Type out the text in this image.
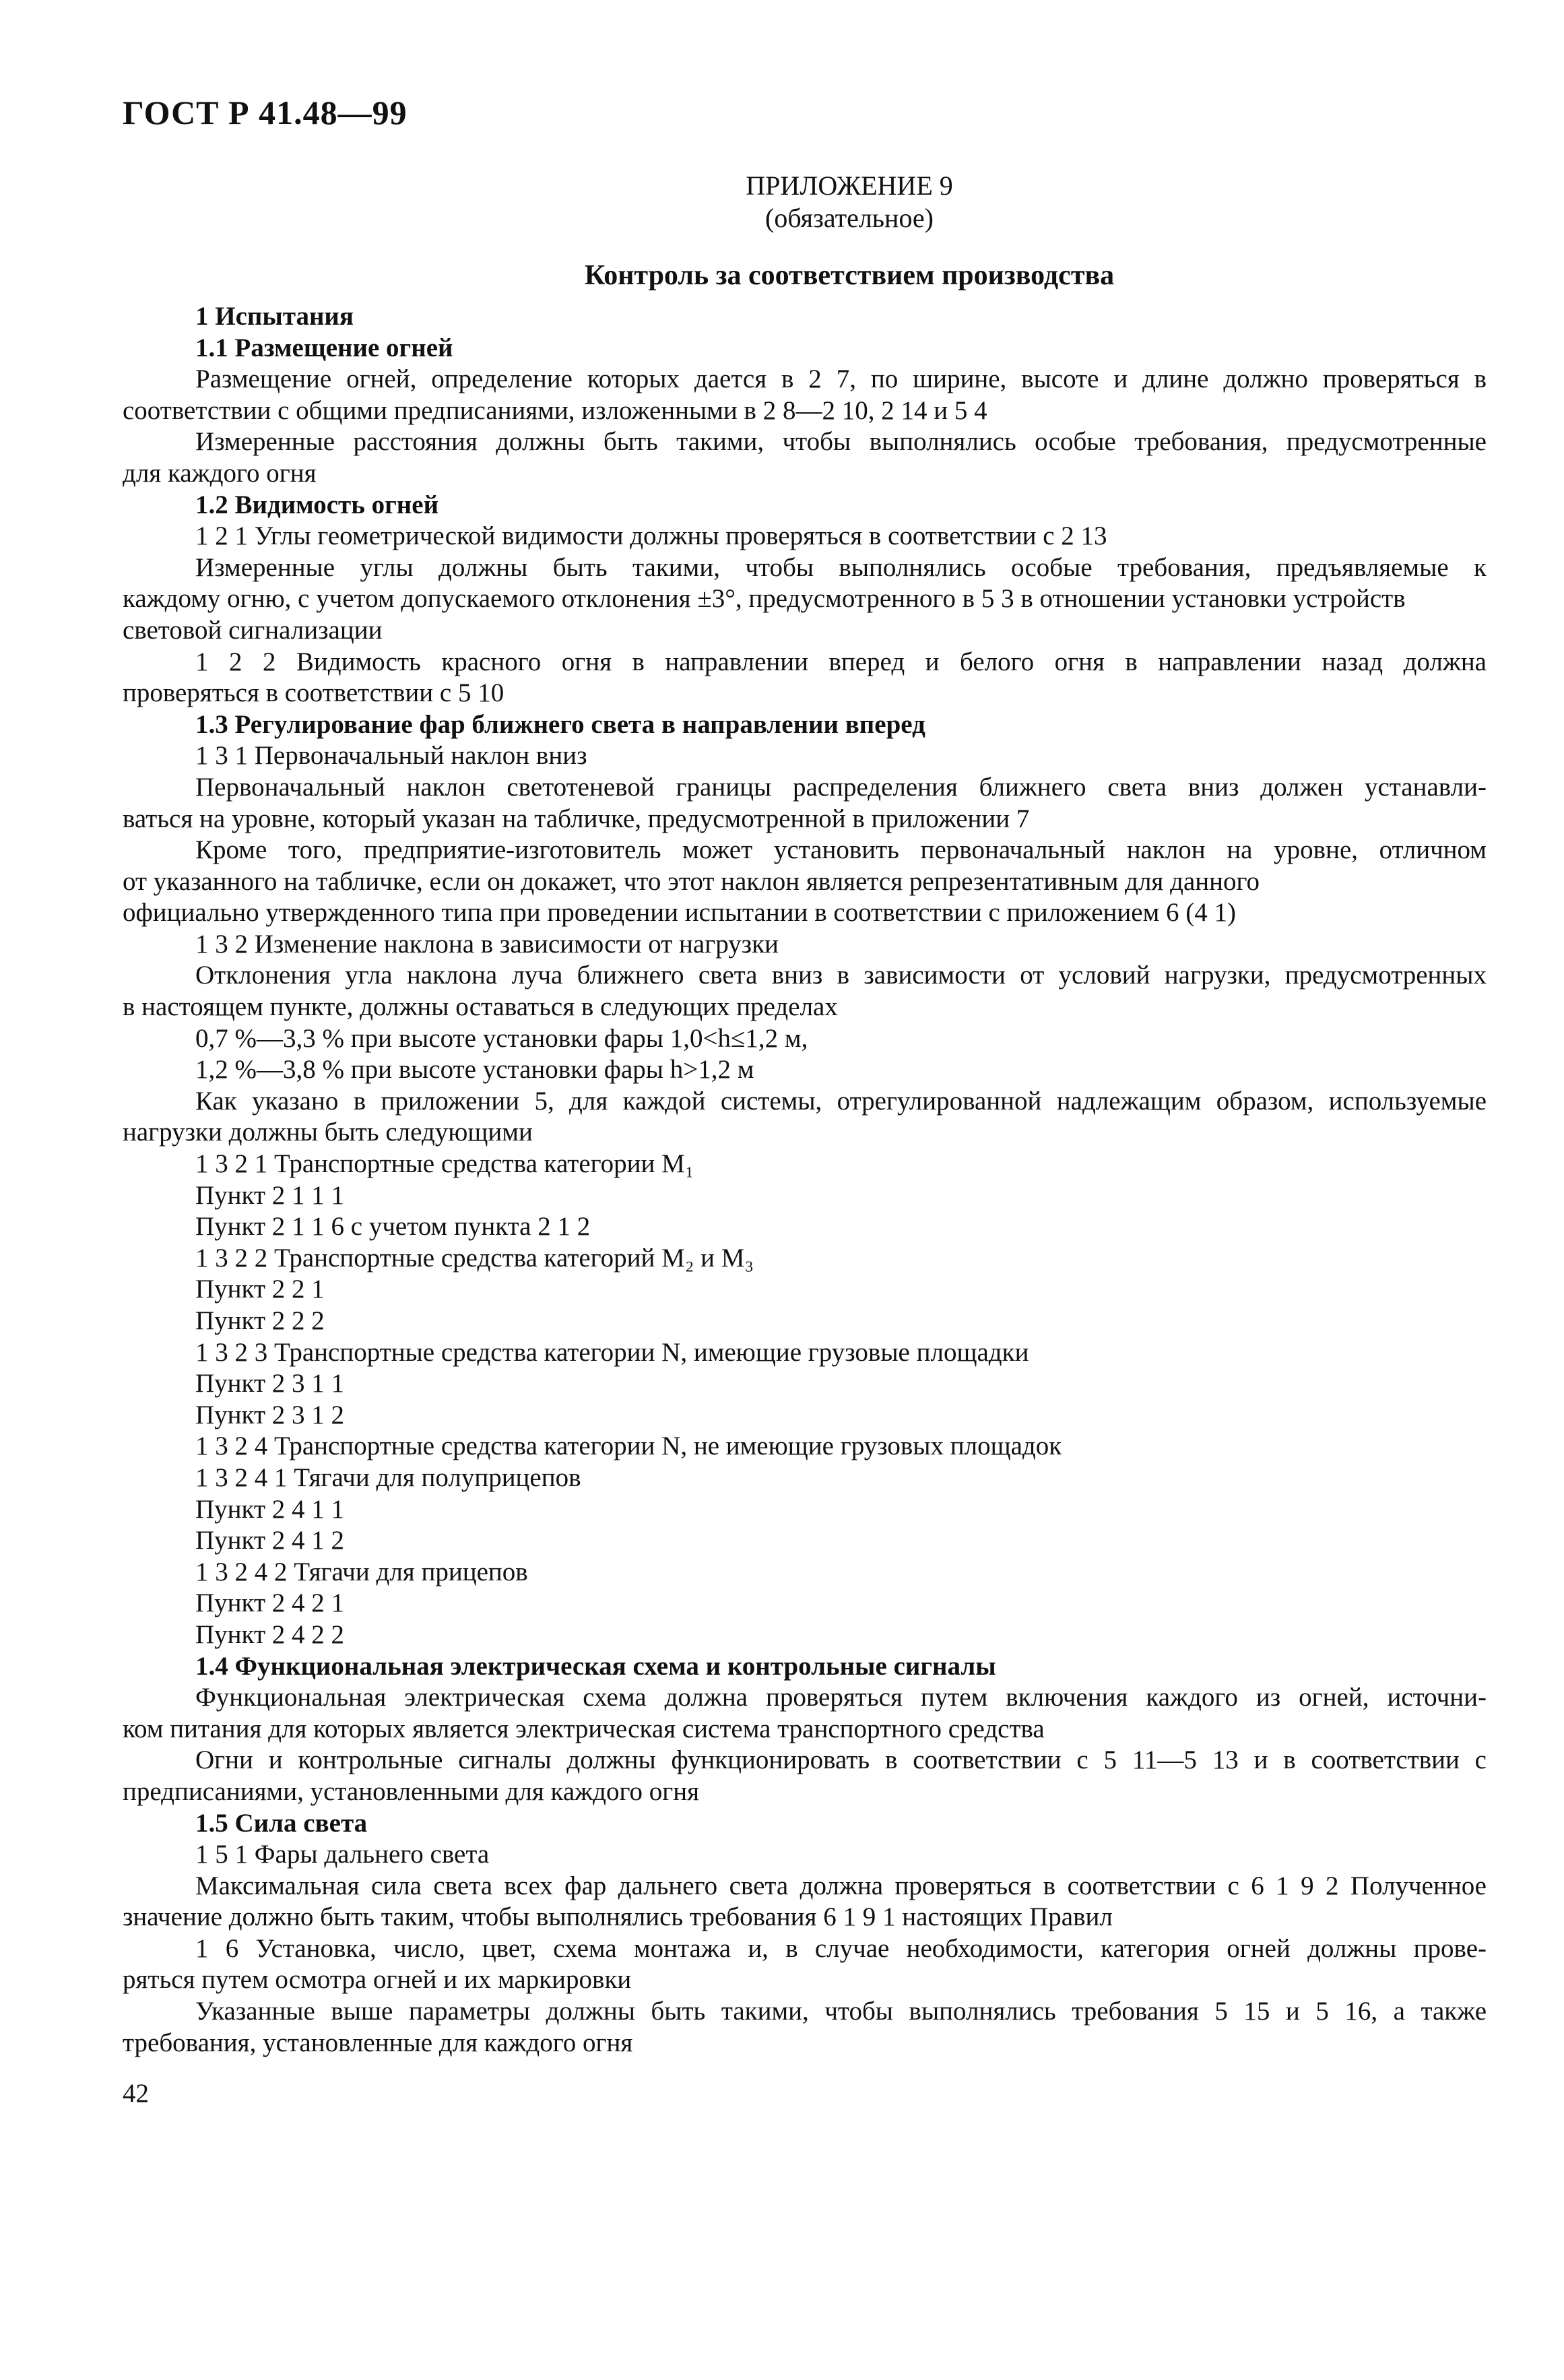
ГОСТ Р 41.48—99
ПРИЛОЖЕНИЕ 9
(обязательное)
Контроль за соответствием производства
1 Испытания
1.1 Размещение огней
Размещение огней, определение которых дается в 2 7, по ширине, высоте и длине должно проверяться в
соответствии с общими предписаниями, изложенными в 2 8—2 10, 2 14 и 5 4
Измеренные расстояния должны быть такими, чтобы выполнялись особые требования, предусмотренные
для каждого огня
1.2 Видимость огней
1 2 1 Углы геометрической видимости должны проверяться в соответствии с 2 13
Измеренные углы должны быть такими, чтобы выполнялись особые требования, предъявляемые к
каждому огню, с учетом допускаемого отклонения ±3°, предусмотренного в 5 3 в отношении установки устройств
световой сигнализации
1 2 2 Видимость красного огня в направлении вперед и белого огня в направлении назад должна
проверяться в соответствии с 5 10
1.3 Регулирование фар ближнего света в направлении вперед
1 3 1 Первоначальный наклон вниз
Первоначальный наклон светотеневой границы распределения ближнего света вниз должен устанавли-
ваться на уровне, который указан на табличке, предусмотренной в приложении 7
Кроме того, предприятие-изготовитель может установить первоначальный наклон на уровне, отличном
от указанного на табличке, если он докажет, что этот наклон является репрезентативным для данного
официально утвержденного типа при проведении испытании в соответствии с приложением 6 (4 1)
1 3 2 Изменение наклона в зависимости от нагрузки
Отклонения угла наклона луча ближнего света вниз в зависимости от условий нагрузки, предусмотренных
в настоящем пункте, должны оставаться в следующих пределах
0,7 %—3,3 % при высоте установки фары 1,0<h≤1,2 м,
1,2 %—3,8 % при высоте установки фары h>1,2 м
Как указано в приложении 5, для каждой системы, отрегулированной надлежащим образом, используемые
нагрузки должны быть следующими
1 3 2 1 Транспортные средства категории M₁
Пункт 2 1 1 1
Пункт 2 1 1 6 с учетом пункта 2 1 2
1 3 2 2 Транспортные средства категорий M₂ и M₃
Пункт 2 2 1
Пункт 2 2 2
1 3 2 3 Транспортные средства категории N, имеющие грузовые площадки
Пункт 2 3 1 1
Пункт 2 3 1 2
1 3 2 4 Транспортные средства категории N, не имеющие грузовых площадок
1 3 2 4 1 Тягачи для полуприцепов
Пункт 2 4 1 1
Пункт 2 4 1 2
1 3 2 4 2 Тягачи для прицепов
Пункт 2 4 2 1
Пункт 2 4 2 2
1.4 Функциональная электрическая схема и контрольные сигналы
Функциональная электрическая схема должна проверяться путем включения каждого из огней, источни-
ком питания для которых является электрическая система транспортного средства
Огни и контрольные сигналы должны функционировать в соответствии с 5 11—5 13 и в соответствии с
предписаниями, установленными для каждого огня
1.5 Сила света
1 5 1 Фары дальнего света
Максимальная сила света всех фар дальнего света должна проверяться в соответствии с 6 1 9 2 Полученное
значение должно быть таким, чтобы выполнялись требования 6 1 9 1 настоящих Правил
1 6 Установка, число, цвет, схема монтажа и, в случае необходимости, категория огней должны прове-
ряться путем осмотра огней и их маркировки
Указанные выше параметры должны быть такими, чтобы выполнялись требования 5 15 и 5 16, а также
требования, установленные для каждого огня
42
